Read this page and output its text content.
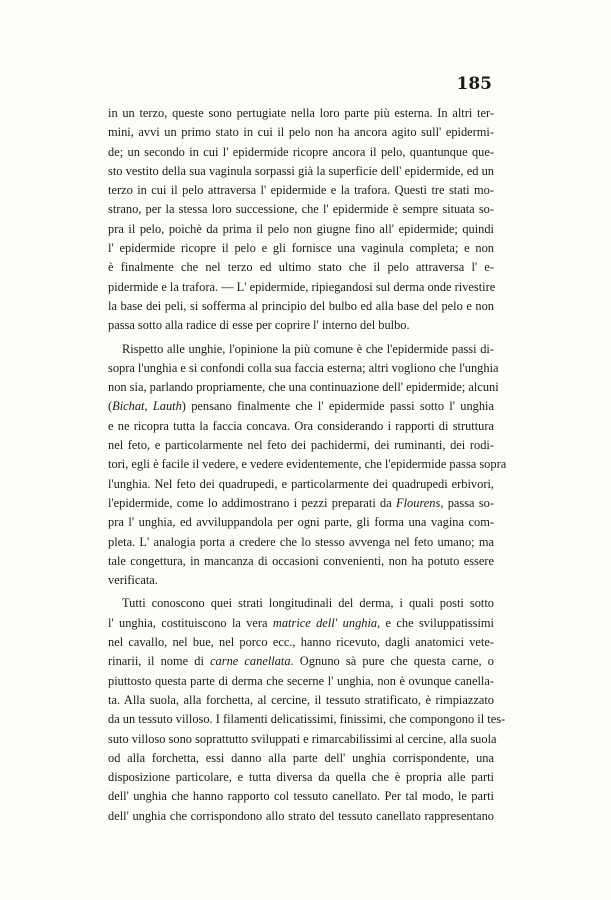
185
in un terzo, queste sono pertugiate nella loro parte più esterna. In altri ter-
mini, avvi un primo stato in cui il pelo non ha ancora agito sull' epidermi-
de; un secondo in cui l' epidermide ricopre ancora il pelo, quantunque que-
sto vestito della sua vaginula sorpassi già la superficie dell' epidermide, ed un
terzo in cui il pelo attraversa l' epidermide e la trafora. Questi tre stati mo-
strano, per la stessa loro successione, che l' epidermide è sempre situata so-
pra il pelo, poichè da prima il pelo non giugne fino all' epidermide; quindi
l' epidermide ricopre il pelo e gli fornisce una vaginula completa; e non
è finalmente che nel terzo ed ultimo stato che il pelo attraversa l' e-
pidermide e la trafora. — L' epidermide, ripiegandosi sul derma onde rivestire
la base dei peli, si sofferma al principio del bulbo ed alla base del pelo e non
passa sotto alla radice di esse per coprire l' interno del bulbo.
Rispetto alle unghie, l'opinione la più comune è che l'epidermide passi di-
sopra l'unghia e si confondi colla sua faccia esterna; altri vogliono che l'unghia
non sia, parlando propriamente, che una continuazione dell' epidermide; alcuni
(Bichat, Lauth) pensano finalmente che l' epidermide passi sotto l' unghia
e ne ricopra tutta la faccia concava. Ora considerando i rapporti di struttura
nel feto, e particolarmente nel feto dei pachidermi, dei ruminanti, dei rodi-
tori, egli è facile il vedere, e vedere evidentemente, che l'epidermide passa sopra
l'unghia. Nel feto dei quadrupedi, e particolarmente dei quadrupedi erbivori,
l'epidermide, come lo addimostrano i pezzi preparati da Flourens, passa so-
pra l' unghia, ed avviluppandola per ogni parte, gli forma una vagina com-
pleta. L' analogia porta a credere che lo stesso avvenga nel feto umano; ma
tale congettura, in mancanza di occasioni convenienti, non ha potuto essere
verificata.
Tutti conoscono quei strati longitudinali del derma, i quali posti sotto
l' unghia, costituiscono la vera matrice dell' unghia, e che sviluppatissimi
nel cavallo, nel bue, nel porco ecc., hanno ricevuto, dagli anatomici vete-
rinarii, il nome di carne canellata. Ognuno sà pure che questa carne, o
piuttosto questa parte di derma che secerne l' unghia, non è ovunque canella-
ta. Alla suola, alla forchetta, al cercine, il tessuto stratificato, è rimpiazzato
da un tessuto villoso. I filamenti delicatissimi, finissimi, che compongono il tes-
suto villoso sono soprattutto sviluppati e rimarcabilissimi al cercine, alla suola
od alla forchetta, essi danno alla parte dell' unghia corrispondente, una
disposizione particolare, e tutta diversa da quella che è propria alle parti
dell' unghia che hanno rapporto col tessuto canellato. Per tal modo, le parti
dell' unghia che corrispondono allo strato del tessuto canellato rappresentano
